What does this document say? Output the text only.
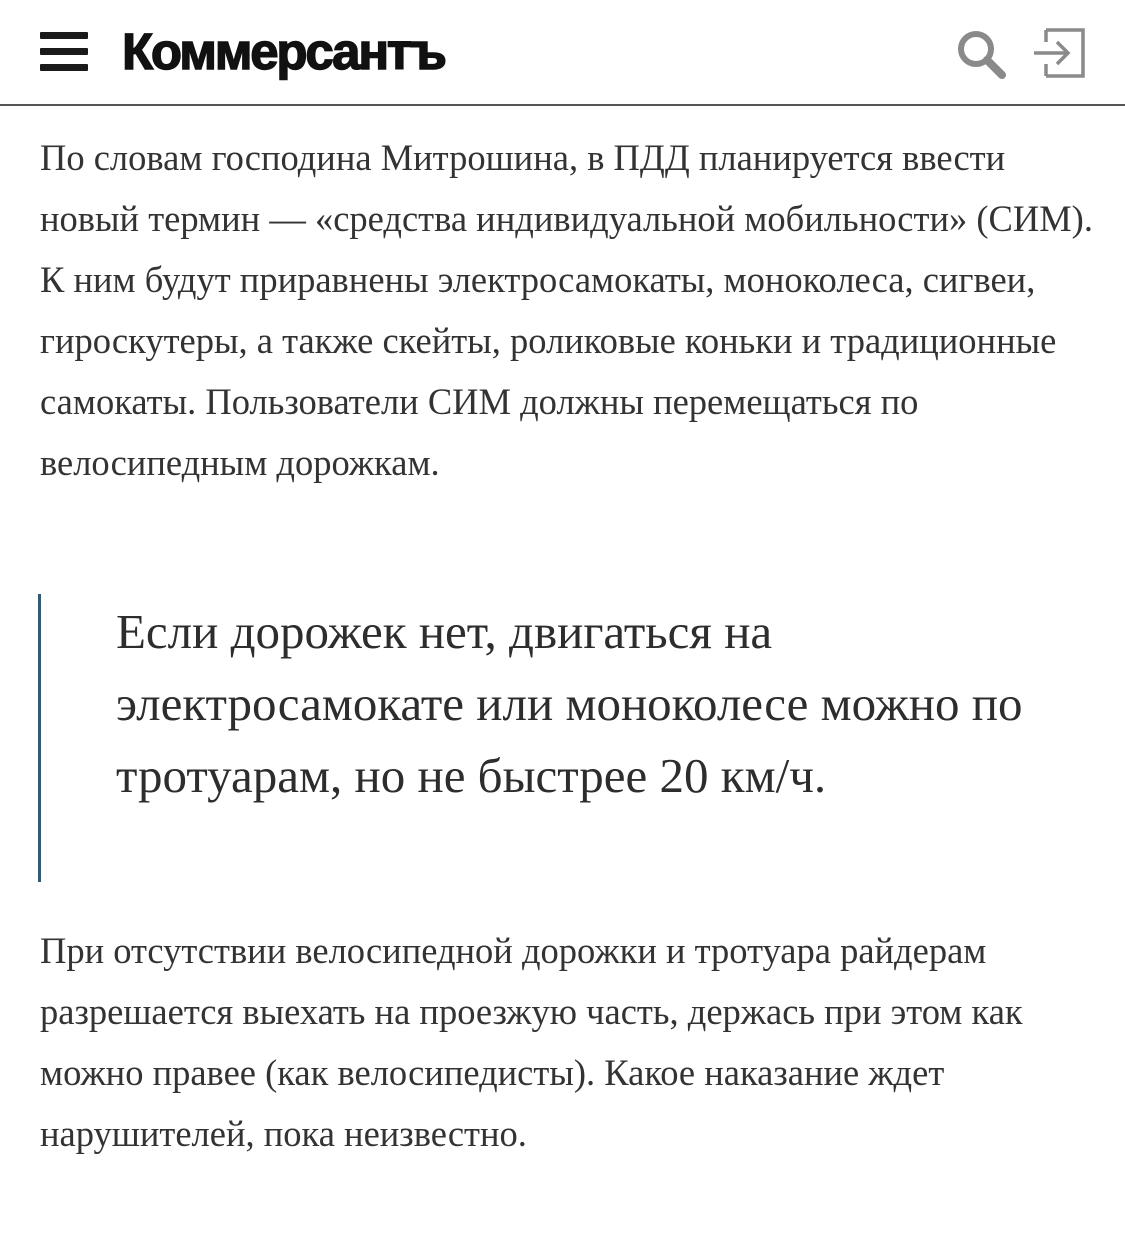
Коммерсантъ

По словам господина Митрошина, в ПДД планируется ввести новый термин — «средства индивидуальной мобильности» (СИМ). К ним будут приравнены электросамокаты, моноколеса, сигвеи, гироскутеры, а также скейты, роликовые коньки и традиционные самокаты. Пользователи СИМ должны перемещаться по велосипедным дорожкам.

Если дорожек нет, двигаться на электросамокате или моноколесе можно по тротуарам, но не быстрее 20 км/ч.

При отсутствии велосипедной дорожки и тротуара райдерам разрешается выехать на проезжую часть, держась при этом как можно правее (как велосипедисты). Какое наказание ждет нарушителей, пока неизвестно.
